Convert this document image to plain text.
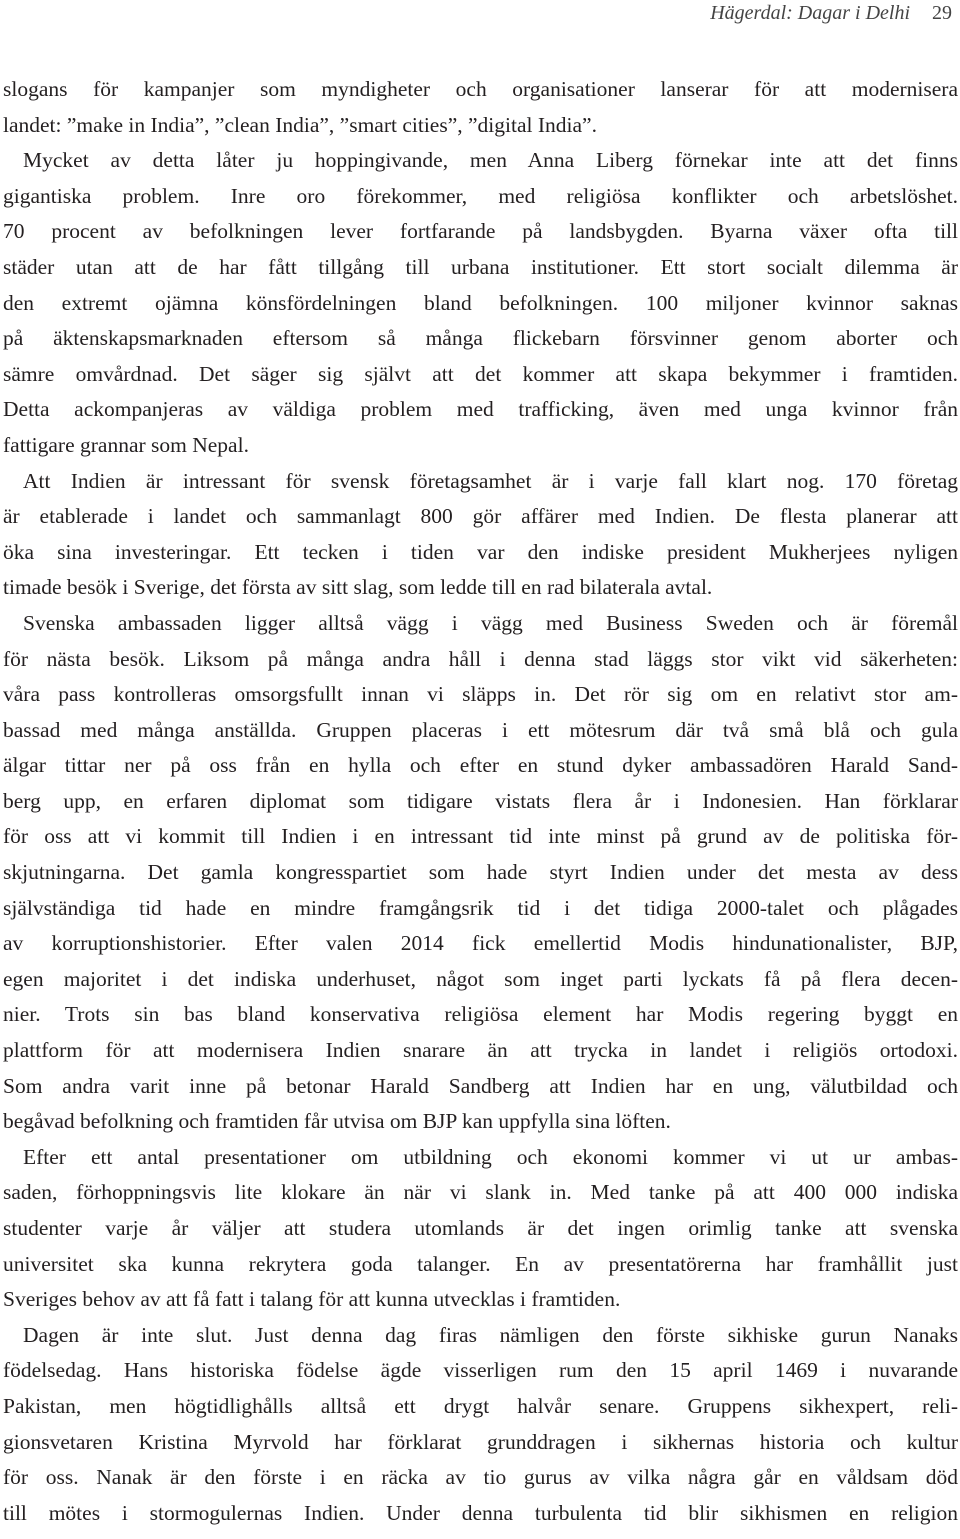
Hägerdal: Dagar i Delhi 29
slogans för kampanjer som myndigheter och organisationer lanserar för att modernisera
landet: ”make in India”, ”clean India”, ”smart cities”, ”digital India”.
Mycket av detta låter ju hoppingivande, men Anna Liberg förnekar inte att det finns
gigantiska problem. Inre oro förekommer, med religiösa konflikter och arbetslöshet.
70 procent av befolkningen lever fortfarande på landsbygden. Byarna växer ofta till
städer utan att de har fått tillgång till urbana institutioner. Ett stort socialt dilemma är
den extremt ojämna könsfördelningen bland befolkningen. 100 miljoner kvinnor saknas
på äktenskapsmarknaden eftersom så många flickebarn försvinner genom aborter och
sämre omvårdnad. Det säger sig självt att det kommer att skapa bekymmer i framtiden.
Detta ackompanjeras av väldiga problem med trafficking, även med unga kvinnor från
fattigare grannar som Nepal.
Att Indien är intressant för svensk företagsamhet är i varje fall klart nog. 170 företag
är etablerade i landet och sammanlagt 800 gör affärer med Indien. De flesta planerar att
öka sina investeringar. Ett tecken i tiden var den indiske president Mukherjees nyligen
timade besök i Sverige, det första av sitt slag, som ledde till en rad bilaterala avtal.
Svenska ambassaden ligger alltså vägg i vägg med Business Sweden och är föremål
för nästa besök. Liksom på många andra håll i denna stad läggs stor vikt vid säkerheten:
våra pass kontrolleras omsorgsfullt innan vi släpps in. Det rör sig om en relativt stor am-
bassad med många anställda. Gruppen placeras i ett mötesrum där två små blå och gula
älgar tittar ner på oss från en hylla och efter en stund dyker ambassadören Harald Sand-
berg upp, en erfaren diplomat som tidigare vistats flera år i Indonesien. Han förklarar
för oss att vi kommit till Indien i en intressant tid inte minst på grund av de politiska för-
skjutningarna. Det gamla kongresspartiet som hade styrt Indien under det mesta av dess
självständiga tid hade en mindre framgångsrik tid i det tidiga 2000-talet och plågades
av korruptionshistorier. Efter valen 2014 fick emellertid Modis hindunationalister, BJP,
egen majoritet i det indiska underhuset, något som inget parti lyckats få på flera decen-
nier. Trots sin bas bland konservativa religiösa element har Modis regering byggt en
plattform för att modernisera Indien snarare än att trycka in landet i religiös ortodoxi.
Som andra varit inne på betonar Harald Sandberg att Indien har en ung, välutbildad och
begåvad befolkning och framtiden får utvisa om BJP kan uppfylla sina löften.
Efter ett antal presentationer om utbildning och ekonomi kommer vi ut ur ambas-
saden, förhoppningsvis lite klokare än när vi slank in. Med tanke på att 400 000 indiska
studenter varje år väljer att studera utomlands är det ingen orimlig tanke att svenska
universitet ska kunna rekrytera goda talanger. En av presentatörerna har framhållit just
Sveriges behov av att få fatt i talang för att kunna utvecklas i framtiden.
Dagen är inte slut. Just denna dag firas nämligen den förste sikhiske gurun Nanaks
födelsedag. Hans historiska födelse ägde visserligen rum den 15 april 1469 i nuvarande
Pakistan, men högtidlighålls alltså ett drygt halvår senare. Gruppens sikhexpert, reli-
gionsvetaren Kristina Myrvold har förklarat grunddragen i sikhernas historia och kultur
för oss. Nanak är den förste i en räcka av tio gurus av vilka några går en våldsam död
till mötes i stormogulernas Indien. Under denna turbulenta tid blir sikhismen en religion
